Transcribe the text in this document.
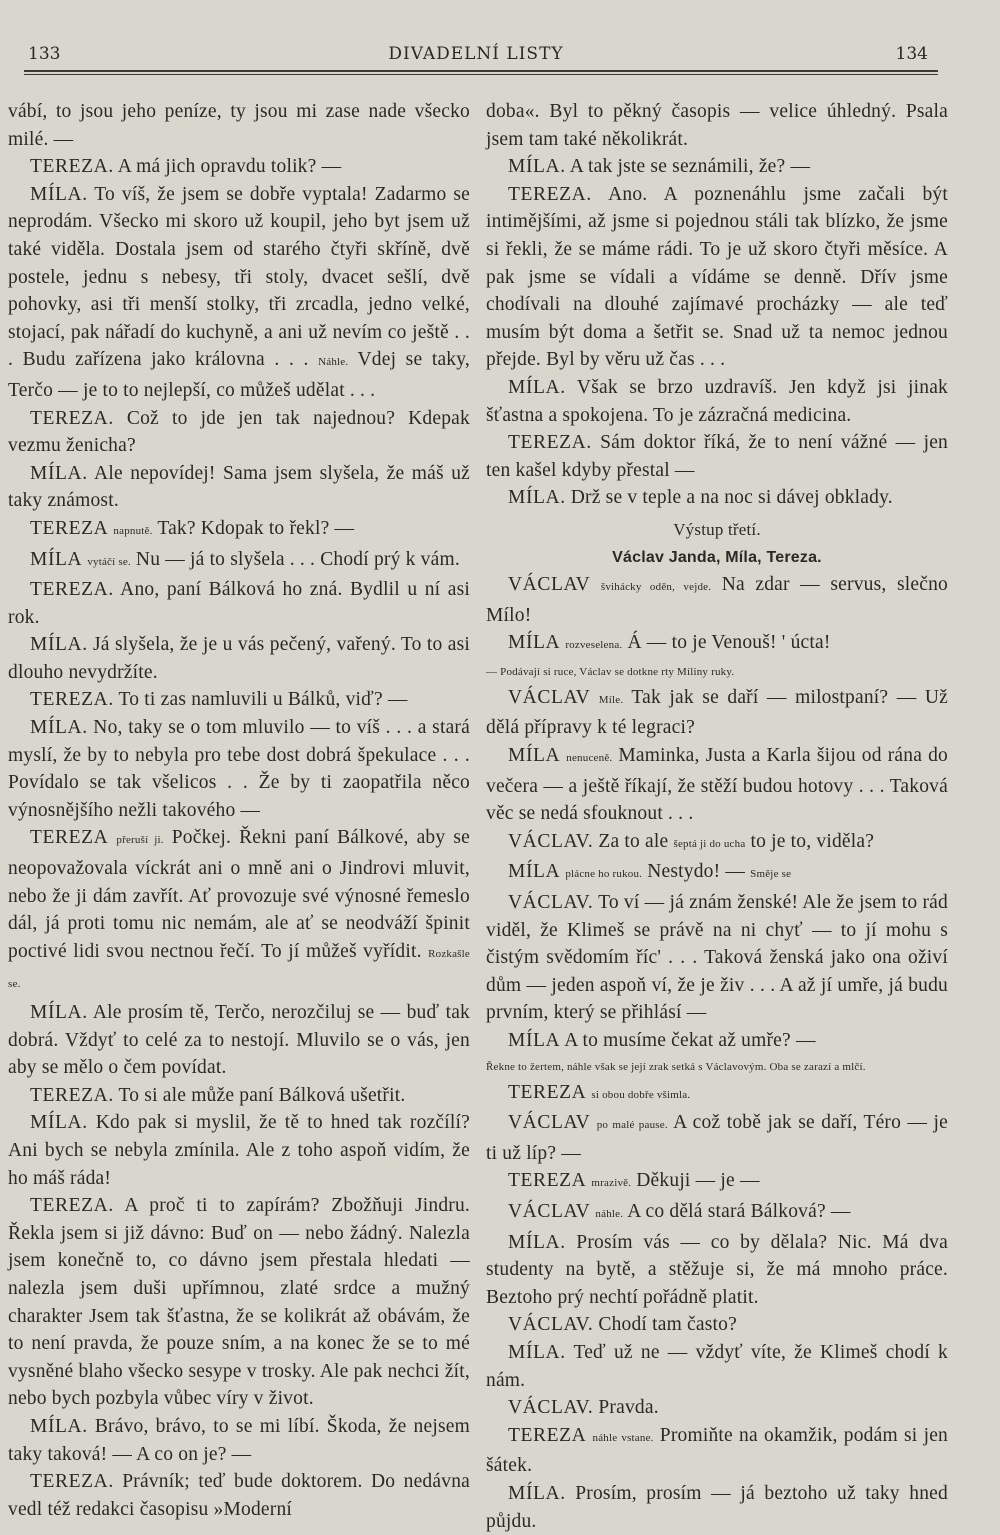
133	DIVADELNÍ LISTY	134

vábí, to jsou jeho peníze, ty jsou mi zase nade všecko milé. —

TEREZA. A má jich opravdu tolik? —

MÍLA. To víš, že jsem se dobře vyptala! Zadarmo se neprodám. Všecko mi skoro už koupil, jeho byt jsem už také viděla. Dostala jsem od starého čtyři skříně, dvě postele, jednu s nebesy, tři stoly, dvacet sešlí, dvě pohovky, asi tři menší stolky, tři zrcadla, jedno velké, stojací, pak nářadí do kuchyně, a ani už nevím co ještě . . . Budu zařízena jako královna . . . Náhle. Vdej se taky, Terčo — je to to nejlepší, co můžeš udělat . . .

TEREZA. Což to jde jen tak najednou? Kdepak vezmu ženicha?

MÍLA. Ale nepovídej! Sama jsem slyšela, že máš už taky známost.

TEREZA napnutě. Tak? Kdopak to řekl? —

MÍLA vytáčí se. Nu — já to slyšela . . . Chodí prý k vám.

TEREZA. Ano, paní Bálková ho zná. Bydlil u ní asi rok.

MÍLA. Já slyšela, že je u vás pečený, vařený. To to asi dlouho nevydržíte.

TEREZA. To ti zas namluvili u Bálků, viď? —

MÍLA. No, taky se o tom mluvilo — to víš . . . a stará myslí, že by to nebyla pro tebe dost dobrá špekulace . . . Povídalo se tak všelicos . . Že by ti zaopatřila něco výnosnějšího nežli takového —

TEREZA přeruší ji. Počkej. Řekni paní Bálkové, aby se neopovažovala víckrát ani o mně ani o Jindrovi mluvit, nebo že ji dám zavřít. Ať provozuje své výnosné řemeslo dál, já proti tomu nic nemám, ale ať se neodváží špinit poctivé lidi svou nectnou řečí. To jí můžeš vyřídit. Rozkašle se.

MÍLA. Ale prosím tě, Terčo, nerozčiluj se — buď tak dobrá. Vždyť to celé za to nestojí. Mluvilo se o vás, jen aby se mělo o čem povídat.

TEREZA. To si ale může paní Bálková ušetřit.

MÍLA. Kdo pak si myslil, že tě to hned tak rozčílí? Ani bych se nebyla zmínila. Ale z toho aspoň vidím, že ho máš ráda!

TEREZA. A proč ti to zapírám? Zbožňuji Jindru. Řekla jsem si již dávno: Buď on — nebo žádný. Nalezla jsem konečně to, co dávno jsem přestala hledati — nalezla jsem duši upřímnou, zlaté srdce a mužný charakter Jsem tak šťastna, že se kolikrát až obávám, že to není pravda, že pouze sním, a na konec že se to mé vysněné blaho všecko sesype v trosky. Ale pak nechci žít, nebo bych pozbyla vůbec víry v život.

MÍLA. Brávo, brávo, to se mi líbí. Škoda, že nejsem taky taková! — A co on je? —

TEREZA. Právník; teď bude doktorem. Do nedávna vedl též redakci časopisu »Moderní

doba«. Byl to pěkný časopis — velice úhledný. Psala jsem tam také několikrát.

MÍLA. A tak jste se seznámili, že? —

TEREZA. Ano. A poznenáhlu jsme začali být intimějšími, až jsme si pojednou stáli tak blízko, že jsme si řekli, že se máme rádi. To je už skoro čtyři měsíce. A pak jsme se vídali a vídáme se denně. Dřív jsme chodívali na dlouhé zajímavé procházky — ale teď musím být doma a šetřit se. Snad už ta nemoc jednou přejde. Byl by věru už čas . . .

MÍLA. Však se brzo uzdravíš. Jen když jsi jinak šťastna a spokojena. To je zázračná medicina.

TEREZA. Sám doktor říká, že to není vážné — jen ten kašel kdyby přestal —

MÍLA. Drž se v teple a na noc si dávej obklady.

Výstup třetí.

Václav Janda, Míla, Tereza.

VÁCLAV švihácky oděn, vejde. Na zdar — servus, slečno Mílo!

MÍLA rozveselena. Á — to je Venouš! ' úcta!

— Podávají si ruce, Václav se dotkne rty Míliny ruky.

VÁCLAV Míle. Tak jak se daří — milostpaní? — Už dělá přípravy k té legraci?

MÍLA nenuceně. Maminka, Justa a Karla šijou od rána do večera — a ještě říkají, že stěží budou hotovy . . . Taková věc se nedá sfouknout . . .

VÁCLAV. Za to ale šeptá ji do ucha to je to, viděla?

MÍLA plácne ho rukou. Nestydo! — Směje se

VÁCLAV. To ví — já znám ženské! Ale že jsem to rád viděl, že Klimeš se právě na ni chyť — to jí mohu s čistým svědomím říc' . . . Taková ženská jako ona oživí dům — jeden aspoň ví, že je živ . . . A až jí umře, já budu prvním, který se přihlásí —

MÍLA A to musíme čekat až umře? —

Řekne to žertem, náhle však se její zrak setká s Václavovým. Oba se zarazí a mlčí.

TEREZA si obou dobře všimla.

VÁCLAV po malé pause. A což tobě jak se daří, Téro — je ti už líp? —

TEREZA mrazivě. Děkuji — je —

VÁCLAV náhle. A co dělá stará Bálková? —

MÍLA. Prosím vás — co by dělala? Nic. Má dva studenty na bytě, a stěžuje si, že má mnoho práce. Beztoho prý nechtí pořádně platit.

VÁCLAV. Chodí tam často?

MÍLA. Teď už ne — vždyť víte, že Klimeš chodí k nám.

VÁCLAV. Pravda.

TEREZA náhle vstane. Promiňte na okamžik, podám si jen šátek.

MÍLA. Prosím, prosím — já beztoho už taky hned půjdu.
